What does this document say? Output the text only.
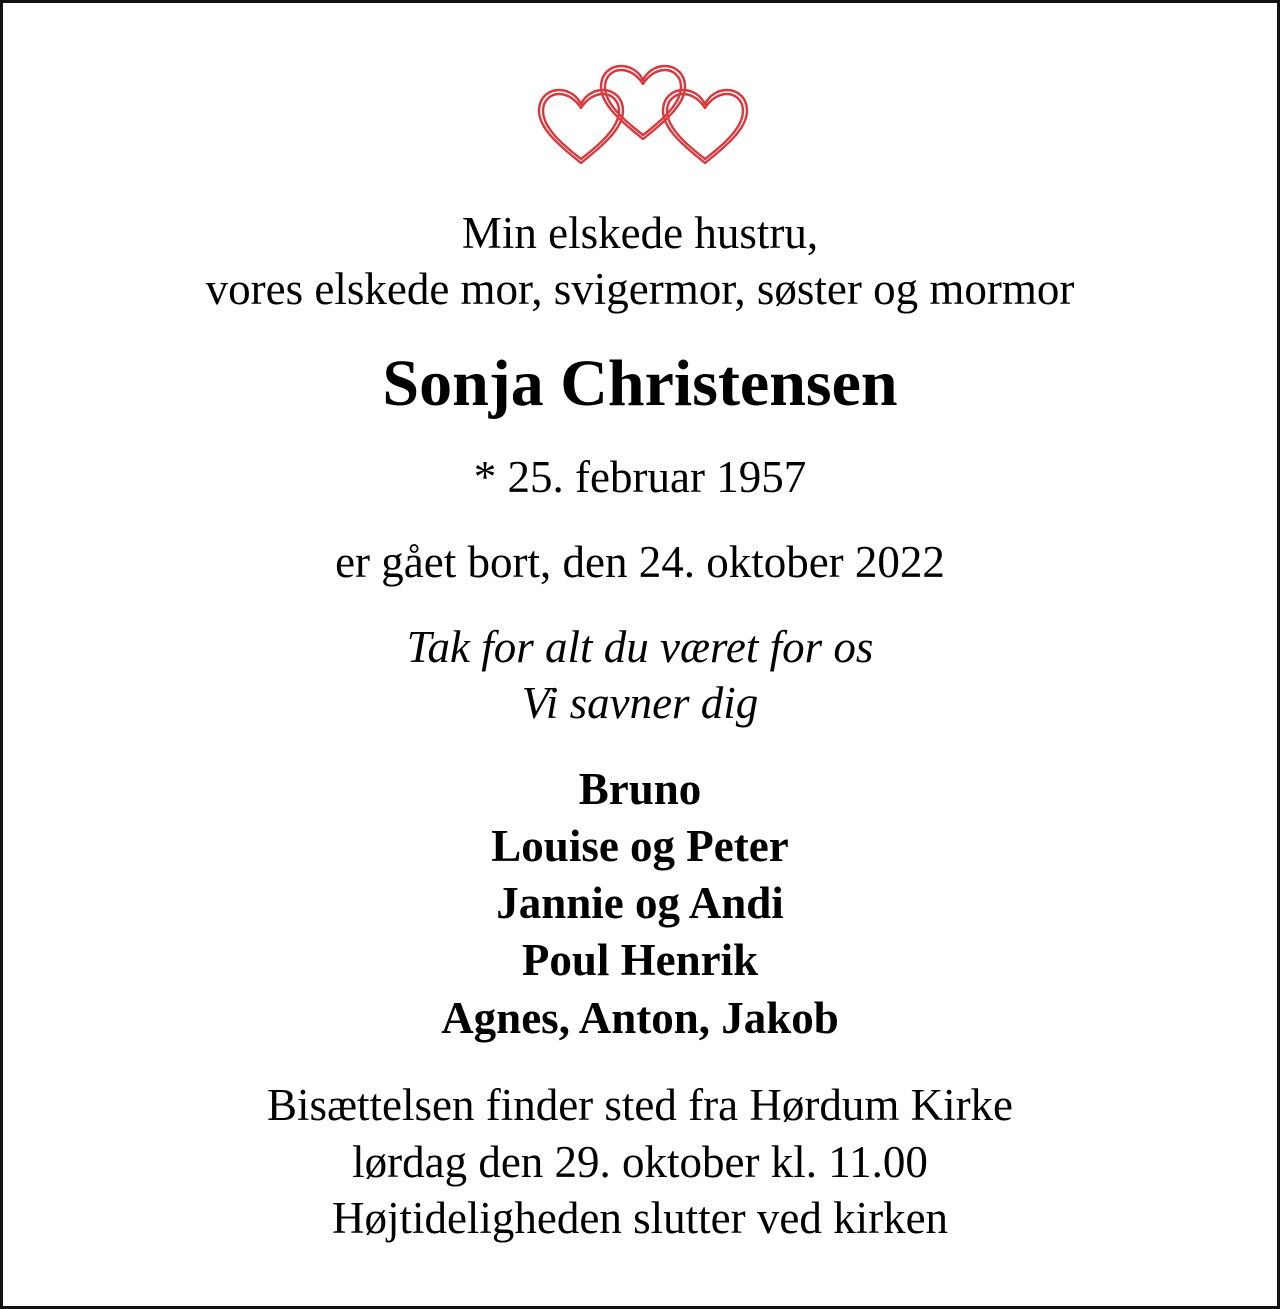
Min elskede hustru,
vores elskede mor, svigermor, søster og mormor
Sonja Christensen
* 25. februar 1957
er gået bort, den 24. oktober 2022
Tak for alt du været for os
Vi savner dig
Bruno
Louise og Peter
Jannie og Andi
Poul Henrik
Agnes, Anton, Jakob
Bisættelsen finder sted fra Hørdum Kirke
lørdag den 29. oktober kl. 11.00
Højtideligheden slutter ved kirken
